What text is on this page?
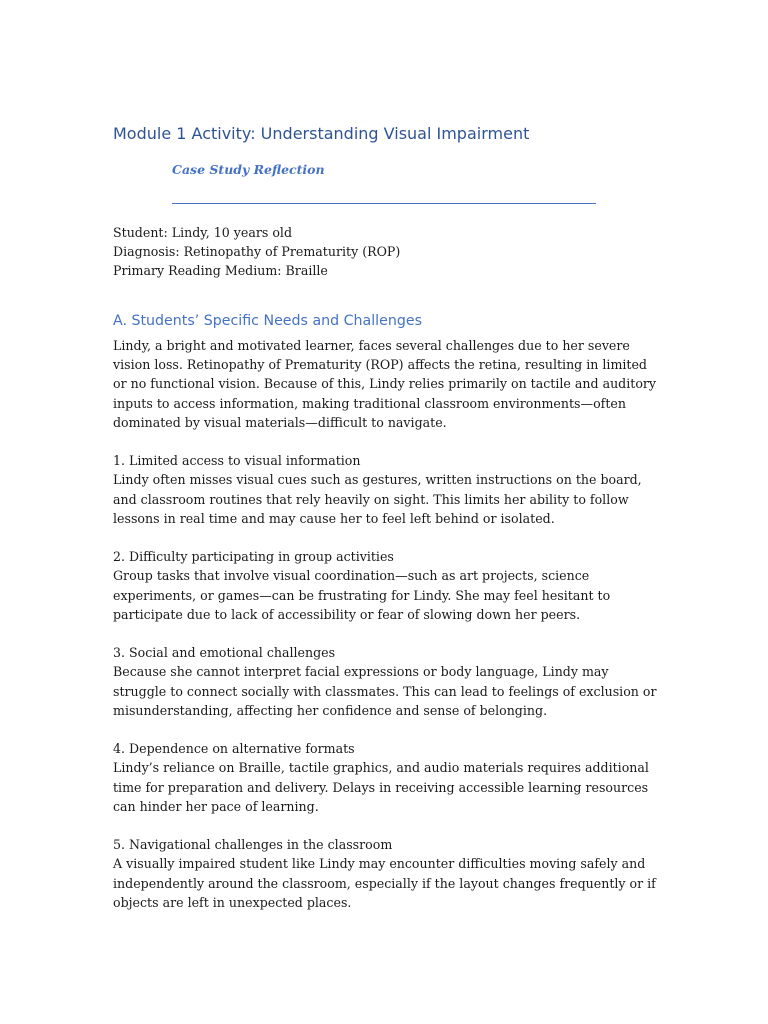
Module 1 Activity: Understanding Visual Impairment
Case Study Reflection

Student: Lindy, 10 years old

Diagnosis: Retinopathy of Prematurity (ROP)

Primary Reading Medium: Braille

A. Students’ Specific Needs and Challenges

Lindy, a bright and motivated learner, faces several challenges due to her severe vision loss. Retinopathy of Prematurity (ROP) affects the retina, resulting in limited or no functional vision. Because of this, Lindy relies primarily on tactile and auditory inputs to access information, making traditional classroom environments—often dominated by visual materials—difficult to navigate.

1. Limited access to visual information
Lindy often misses visual cues such as gestures, written instructions on the board, and classroom routines that rely heavily on sight. This limits her ability to follow lessons in real time and may cause her to feel left behind or isolated.

2. Difficulty participating in group activities
Group tasks that involve visual coordination—such as art projects, science experiments, or games—can be frustrating for Lindy. She may feel hesitant to participate due to lack of accessibility or fear of slowing down her peers.

3. Social and emotional challenges
Because she cannot interpret facial expressions or body language, Lindy may struggle to connect socially with classmates. This can lead to feelings of exclusion or misunderstanding, affecting her confidence and sense of belonging.

4. Dependence on alternative formats
Lindy’s reliance on Braille, tactile graphics, and audio materials requires additional time for preparation and delivery. Delays in receiving accessible learning resources can hinder her pace of learning.

5. Navigational challenges in the classroom
A visually impaired student like Lindy may encounter difficulties moving safely and independently around the classroom, especially if the layout changes frequently or if objects are left in unexpected places.
